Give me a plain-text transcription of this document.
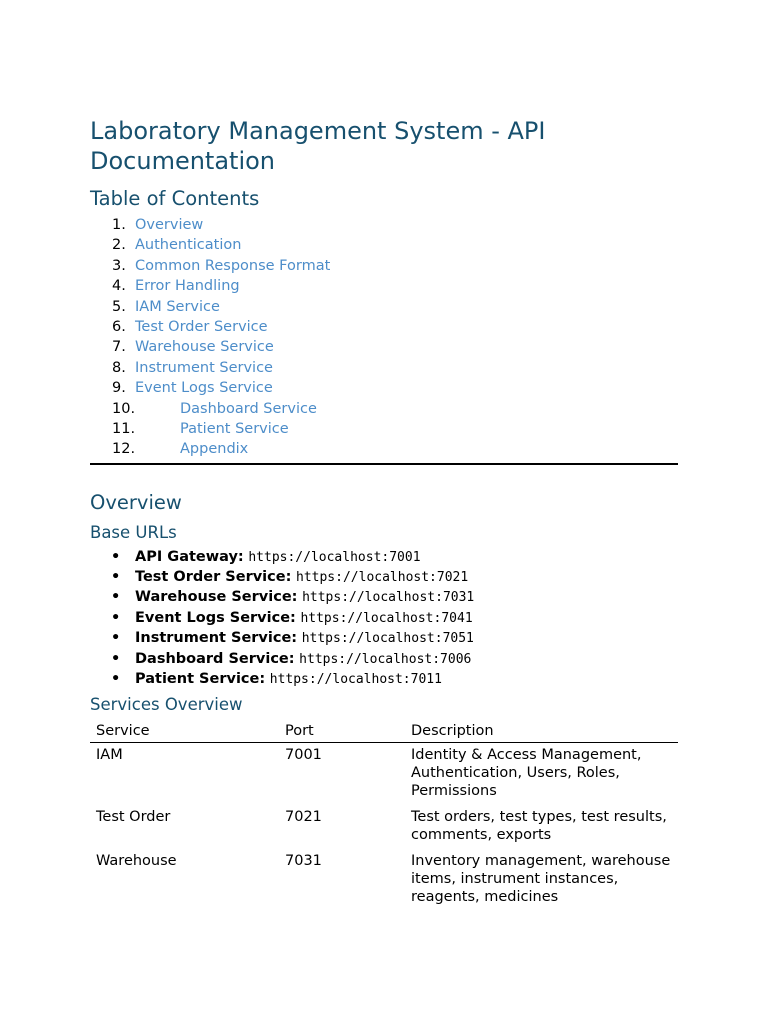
Laboratory Management System - API Documentation
Table of Contents
1. Overview
2. Authentication
3. Common Response Format
4. Error Handling
5. IAM Service
6. Test Order Service
7. Warehouse Service
8. Instrument Service
9. Event Logs Service
10.	Dashboard Service
11.	Patient Service
12.	Appendix
Overview
Base URLs
• API Gateway: https://localhost:7001
• Test Order Service: https://localhost:7021
• Warehouse Service: https://localhost:7031
• Event Logs Service: https://localhost:7041
• Instrument Service: https://localhost:7051
• Dashboard Service: https://localhost:7006
• Patient Service: https://localhost:7011
Services Overview
Service	Port	Description
IAM	7001	Identity & Access Management, Authentication, Users, Roles, Permissions
Test Order	7021	Test orders, test types, test results, comments, exports
Warehouse	7031	Inventory management, warehouse items, instrument instances, reagents, medicines
